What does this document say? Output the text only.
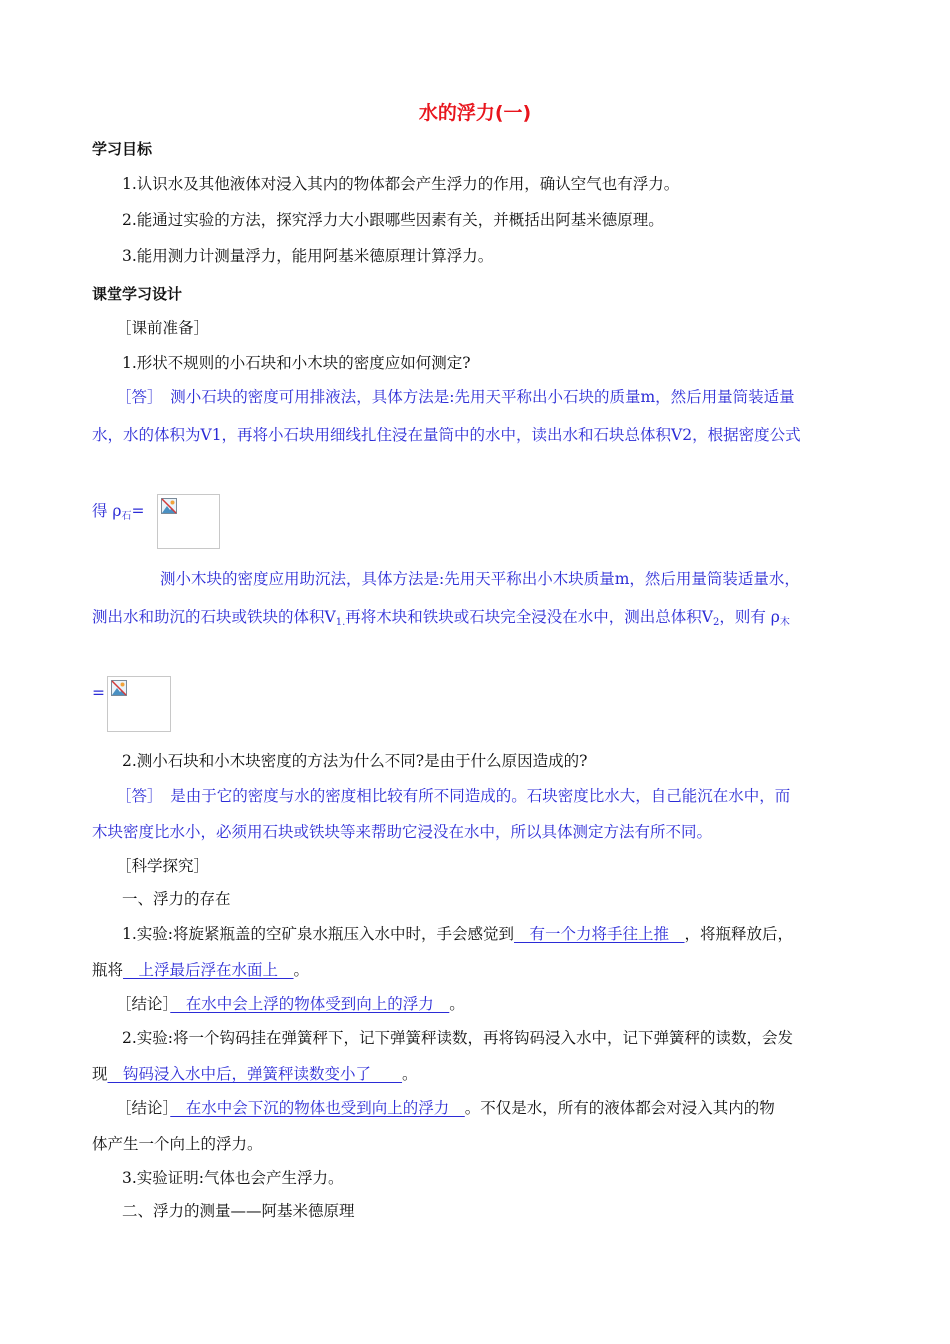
水的浮力(一)
学习目标
1.认识水及其他液体对浸入其内的物体都会产生浮力的作用，确认空气也有浮力。
2.能通过实验的方法，探究浮力大小跟哪些因素有关，并概括出阿基米德原理。
3.能用测力计测量浮力，能用阿基米德原理计算浮力。
课堂学习设计
［课前准备］
1.形状不规则的小石块和小木块的密度应如何测定?
［答］　测小石块的密度可用排液法，具体方法是:先用天平称出小石块的质量m，然后用量筒装适量
水，水的体积为V1，再将小石块用细线扎住浸在量筒中的水中，读出水和石块总体积V2，根据密度公式
得 $\rho_石=$
测小木块的密度应用助沉法，具体方法是:先用天平称出小木块质量m，然后用量筒装适量水，
测出水和助沉的石块或铁块的体积$V_{1.}$再将木块和铁块或石块完全浸没在水中，测出总体积$V_2$，则有 $\rho_木$
=
2.测小石块和小木块密度的方法为什么不同?是由于什么原因造成的?
［答］　是由于它的密度与水的密度相比较有所不同造成的。石块密度比水大，自己能沉在水中，而
木块密度比水小，必须用石块或铁块等来帮助它浸没在水中，所以具体测定方法有所不同。
［科学探究］
一、浮力的存在
1.实验:将旋紧瓶盖的空矿泉水瓶压入水中时，手会感觉到　有一个力将手往上推　，将瓶释放后，
瓶将　上浮最后浮在水面上　。
［结论］　在水中会上浮的物体受到向上的浮力　。
2.实验:将一个钩码挂在弹簧秤下，记下弹簧秤读数，再将钩码浸入水中，记下弹簧秤的读数，会发
现　钩码浸入水中后，弹簧秤读数变小了　　。
［结论］　在水中会下沉的物体也受到向上的浮力　。不仅是水，所有的液体都会对浸入其内的物
体产生一个向上的浮力。
3.实验证明:气体也会产生浮力。
二、浮力的测量——阿基米德原理
